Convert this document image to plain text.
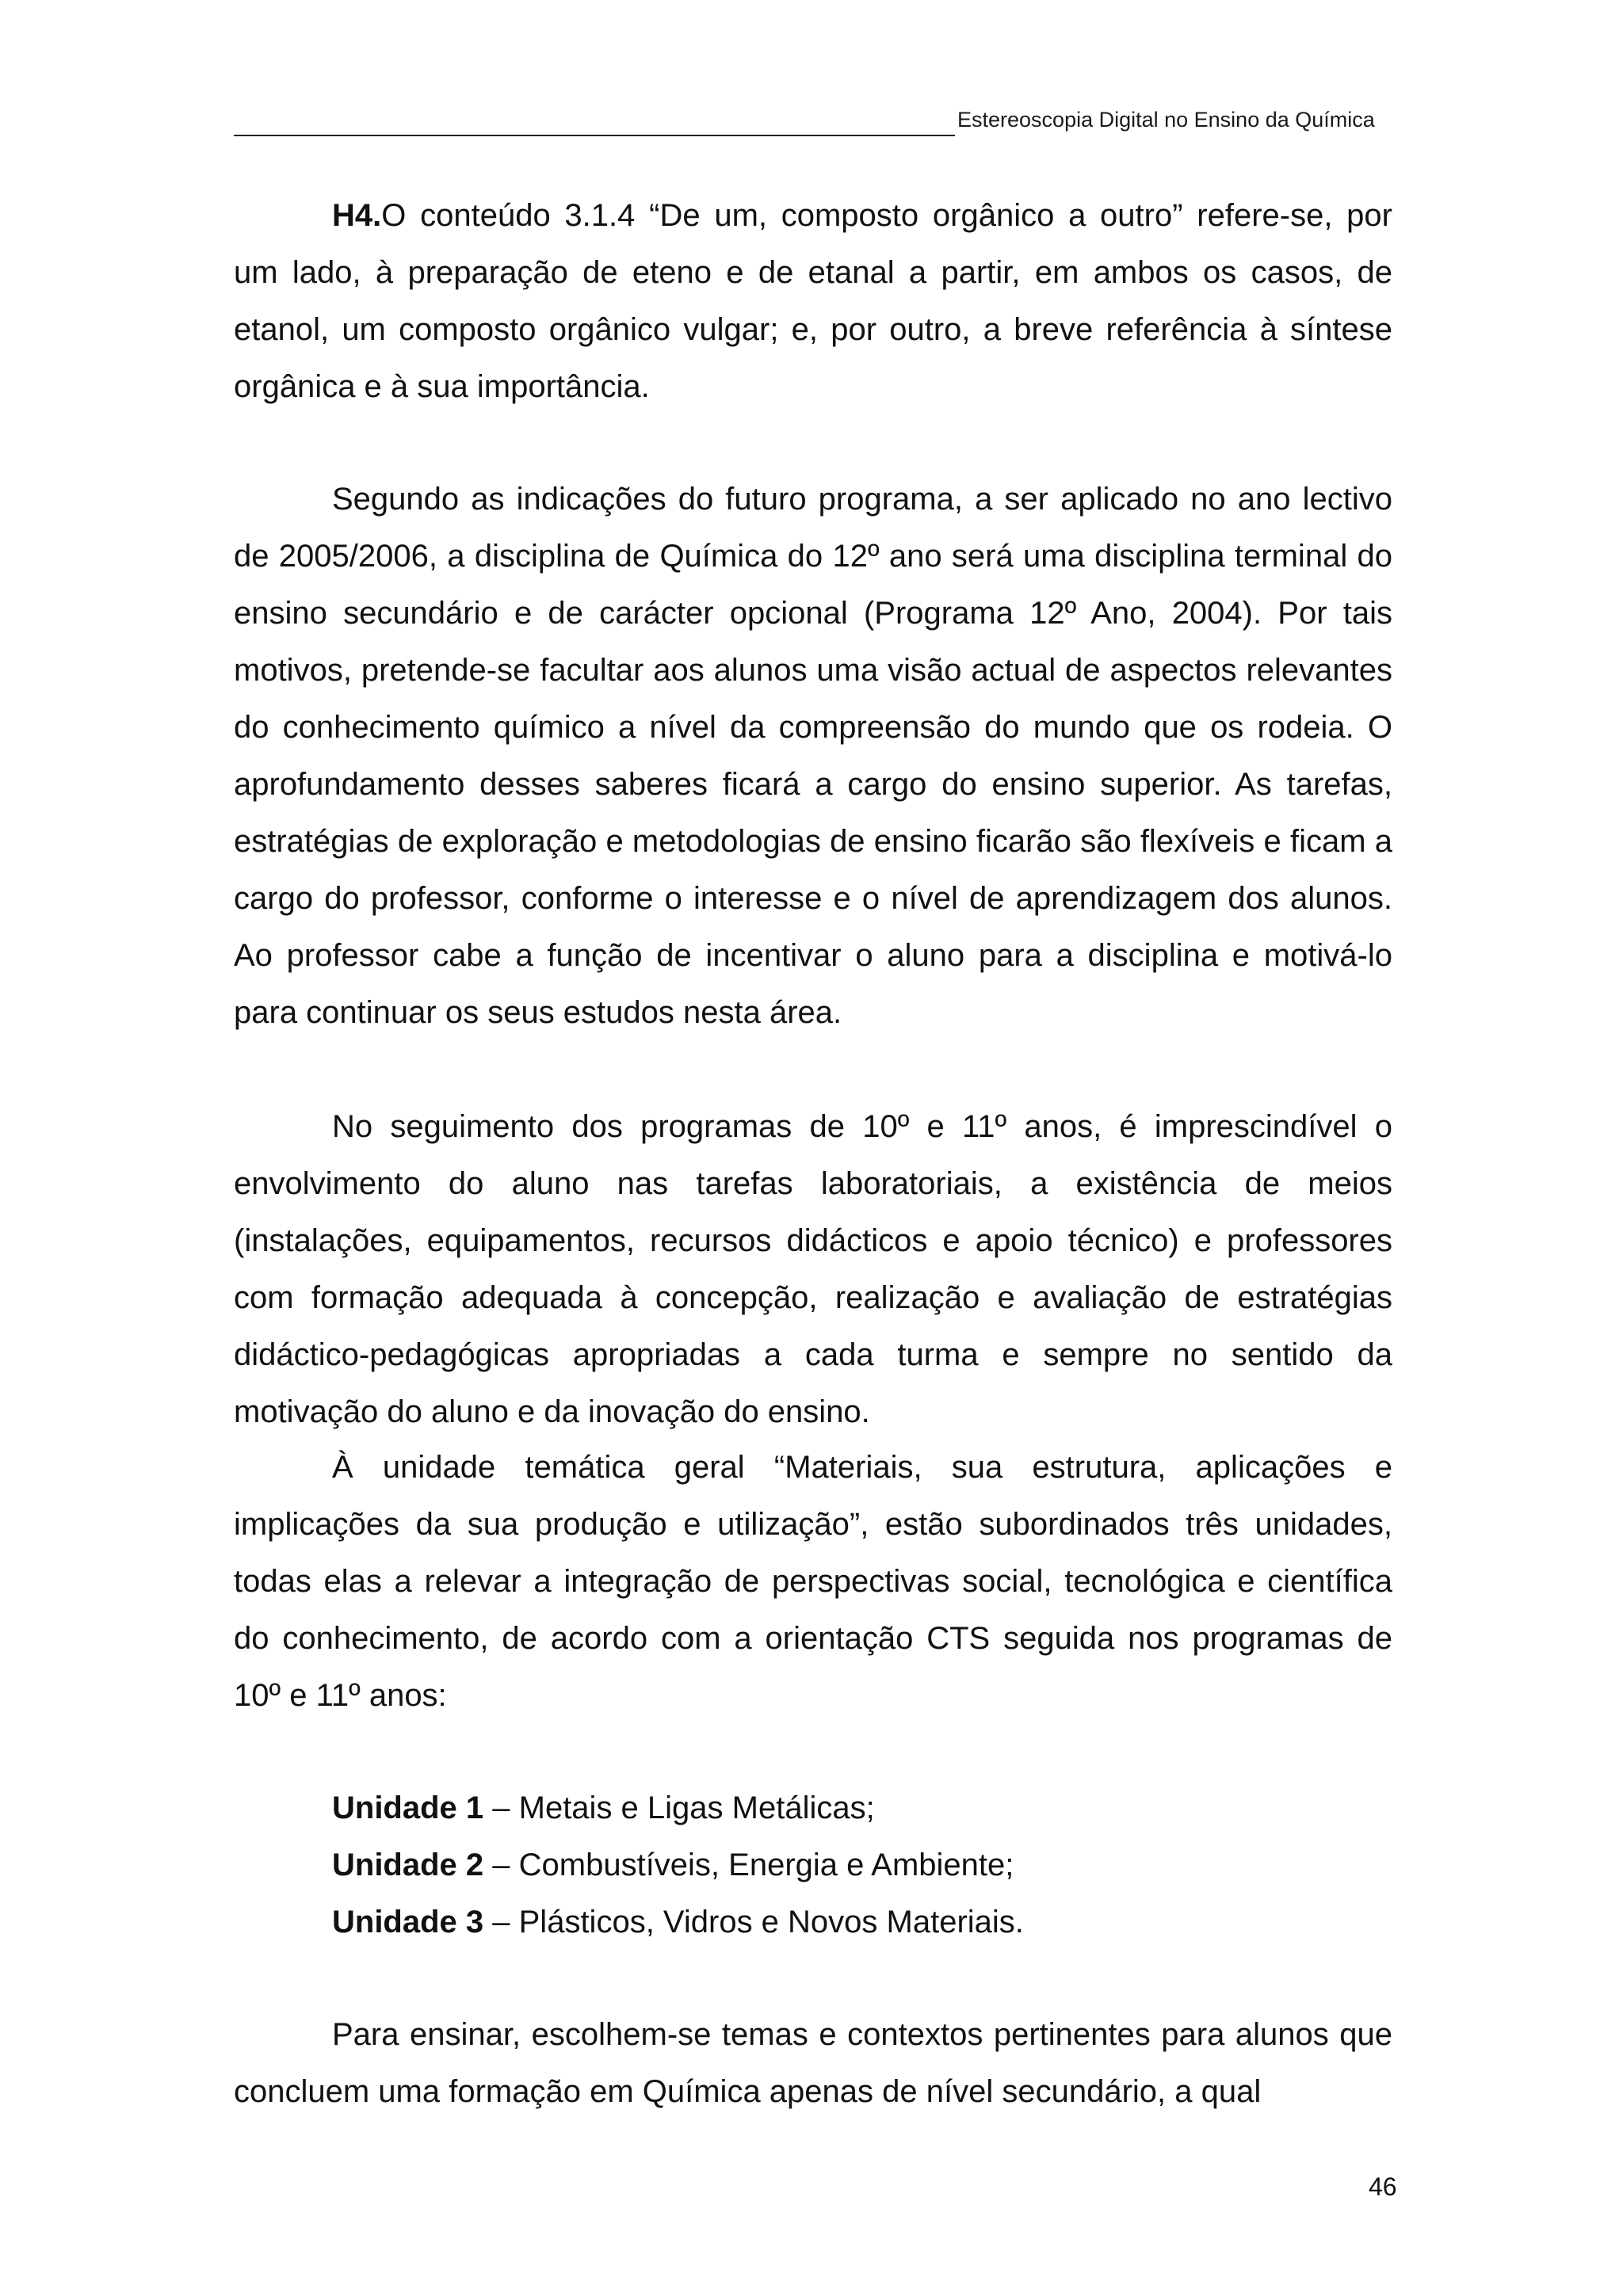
Estereoscopia Digital no Ensino da Química

H4.O conteúdo 3.1.4 “De um, composto orgânico a outro” refere-se, por um lado, à preparação de eteno e de etanal a partir, em ambos os casos, de etanol, um composto orgânico vulgar; e, por outro, a breve referência à síntese orgânica e à sua importância.

Segundo as indicações do futuro programa, a ser aplicado no ano lectivo de 2005/2006, a disciplina de Química do 12º ano será uma disciplina terminal do ensino secundário e de carácter opcional (Programa 12º Ano, 2004). Por tais motivos, pretende-se facultar aos alunos uma visão actual de aspectos relevantes do conhecimento químico a nível da compreensão do mundo que os rodeia. O aprofundamento desses saberes ficará a cargo do ensino superior. As tarefas, estratégias de exploração e metodologias de ensino ficarão são flexíveis e ficam a cargo do professor, conforme o interesse e o nível de aprendizagem dos alunos. Ao professor cabe a função de incentivar o aluno para a disciplina e motivá-lo para continuar os seus estudos nesta área.

No seguimento dos programas de 10º e 11º anos, é imprescindível o envolvimento do aluno nas tarefas laboratoriais, a existência de meios (instalações, equipamentos, recursos didácticos e apoio técnico) e professores com formação adequada à concepção, realização e avaliação de estratégias didáctico-pedagógicas apropriadas a cada turma e sempre no sentido da motivação do aluno e da inovação do ensino.

À unidade temática geral “Materiais, sua estrutura, aplicações e implicações da sua produção e utilização”, estão subordinados três unidades, todas elas a relevar a integração de perspectivas social, tecnológica e científica do conhecimento, de acordo com a orientação CTS seguida nos programas de 10º e 11º anos:

Unidade 1 – Metais e Ligas Metálicas;
Unidade 2 – Combustíveis, Energia e Ambiente;
Unidade 3 – Plásticos, Vidros e Novos Materiais.

Para ensinar, escolhem-se temas e contextos pertinentes para alunos que concluem uma formação em Química apenas de nível secundário, a qual

46
